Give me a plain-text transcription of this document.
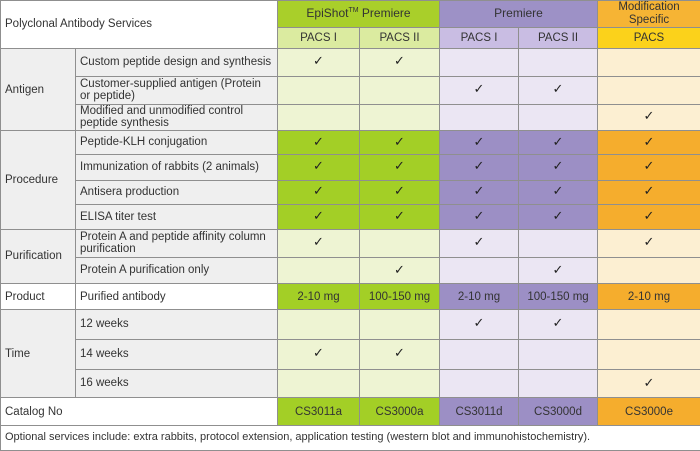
Polyclonal Antibody Services		EpiShot™ Premiere		Premiere		Modification Specific
		PACS I	PACS II	PACS I	PACS II	PACS
Antigen	Custom peptide design and synthesis	✓	✓			
	Customer-supplied antigen (Protein or peptide)			✓	✓	
	Modified and unmodified control peptide synthesis					✓
Procedure	Peptide-KLH conjugation	✓	✓	✓	✓	✓
	Immunization of rabbits (2 animals)	✓	✓	✓	✓	✓
	Antisera production	✓	✓	✓	✓	✓
	ELISA titer test	✓	✓	✓	✓	✓
Purification	Protein A and peptide affinity column purification	✓		✓		✓
	Protein A purification only		✓		✓	
Product	Purified antibody	2-10 mg	100-150 mg	2-10 mg	100-150 mg	2-10 mg
Time	12 weeks			✓	✓	
	14 weeks	✓	✓			
	16 weeks					✓
Catalog No		CS3011a	CS3000a	CS3011d	CS3000d	CS3000e
Optional services include: extra rabbits, protocol extension, application testing (western blot and immunohistochemistry).						
